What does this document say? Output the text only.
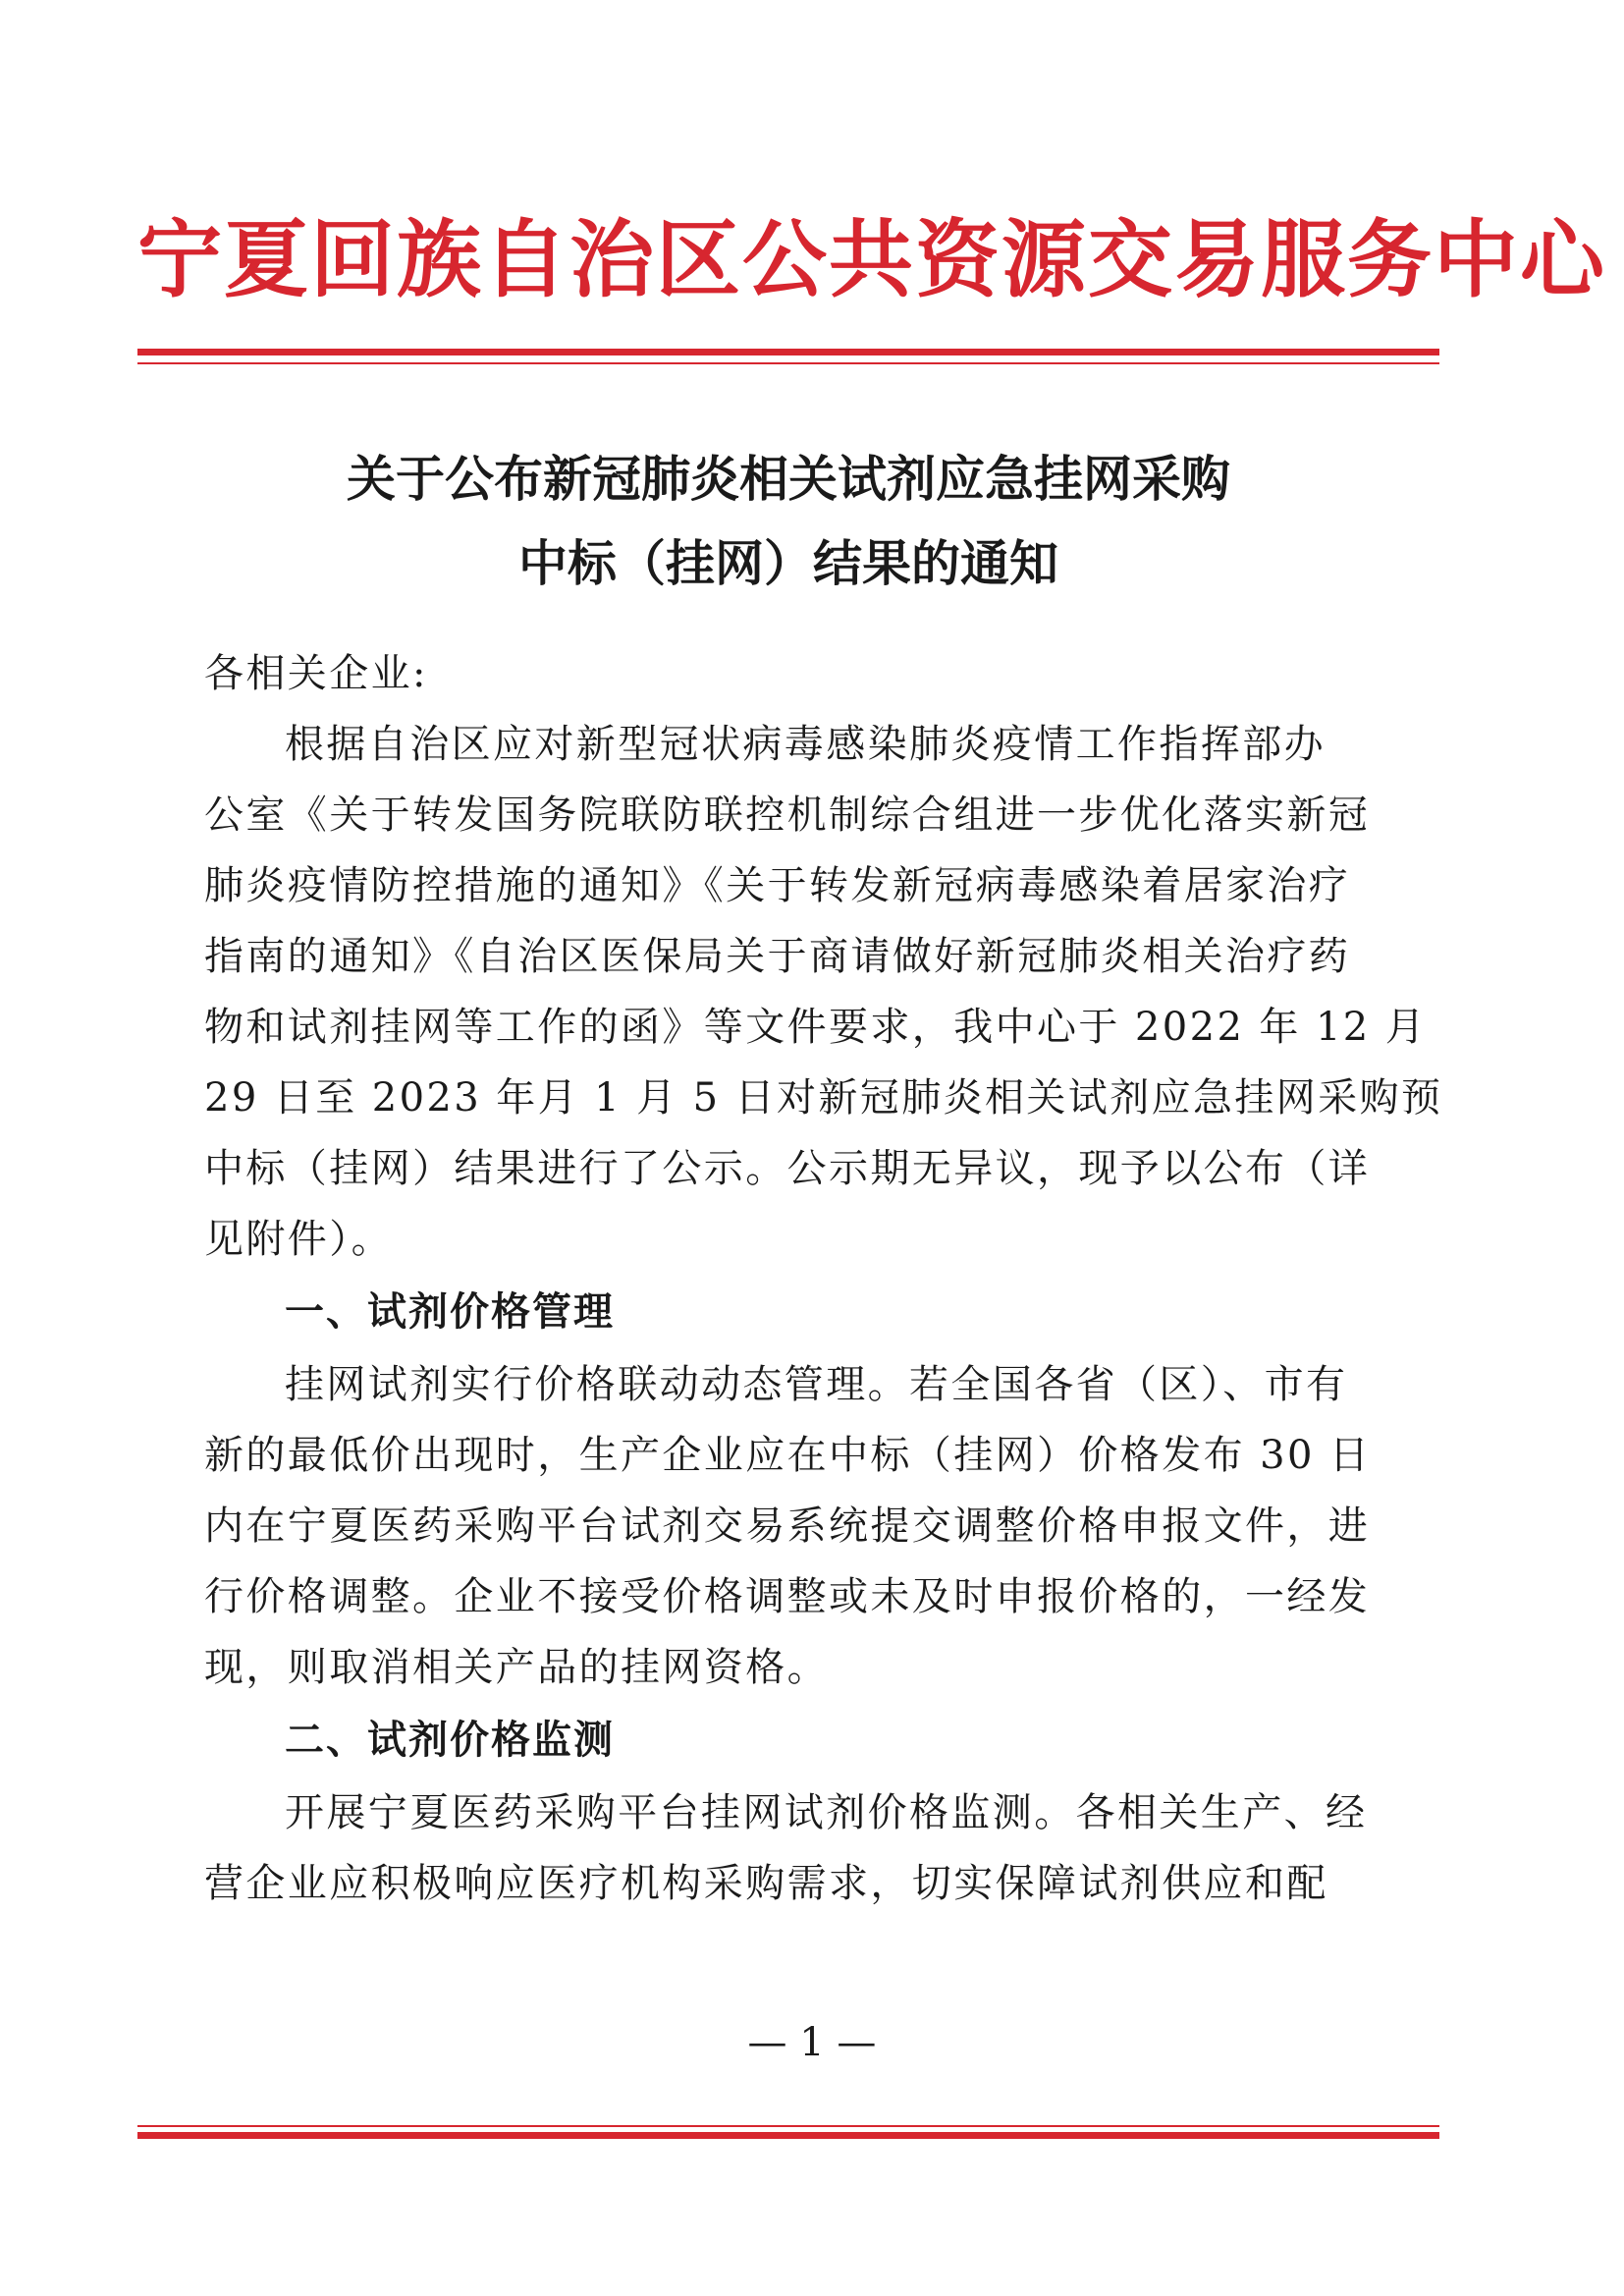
宁夏回族自治区公共资源交易服务中心
关于公布新冠肺炎相关试剂应急挂网采购
中标（挂网）结果的通知
各相关企业:
根据自治区应对新型冠状病毒感染肺炎疫情工作指挥部办
公室《关于转发国务院联防联控机制综合组进一步优化落实新冠
肺炎疫情防控措施的通知》《关于转发新冠病毒感染着居家治疗
指南的通知》《自治区医保局关于商请做好新冠肺炎相关治疗药
物和试剂挂网等工作的函》等文件要求，我中心于 2022 年 12 月
29 日至 2023 年月 1 月 5 日对新冠肺炎相关试剂应急挂网采购预
中标（挂网）结果进行了公示。公示期无异议，现予以公布（详
见附件）。
一、试剂价格管理
挂网试剂实行价格联动动态管理。若全国各省（区）、市有
新的最低价出现时，生产企业应在中标（挂网）价格发布 30 日
内在宁夏医药采购平台试剂交易系统提交调整价格申报文件，进
行价格调整。企业不接受价格调整或未及时申报价格的，一经发
现，则取消相关产品的挂网资格。
二、试剂价格监测
开展宁夏医药采购平台挂网试剂价格监测。各相关生产、经
营企业应积极响应医疗机构采购需求，切实保障试剂供应和配
— 1 —
